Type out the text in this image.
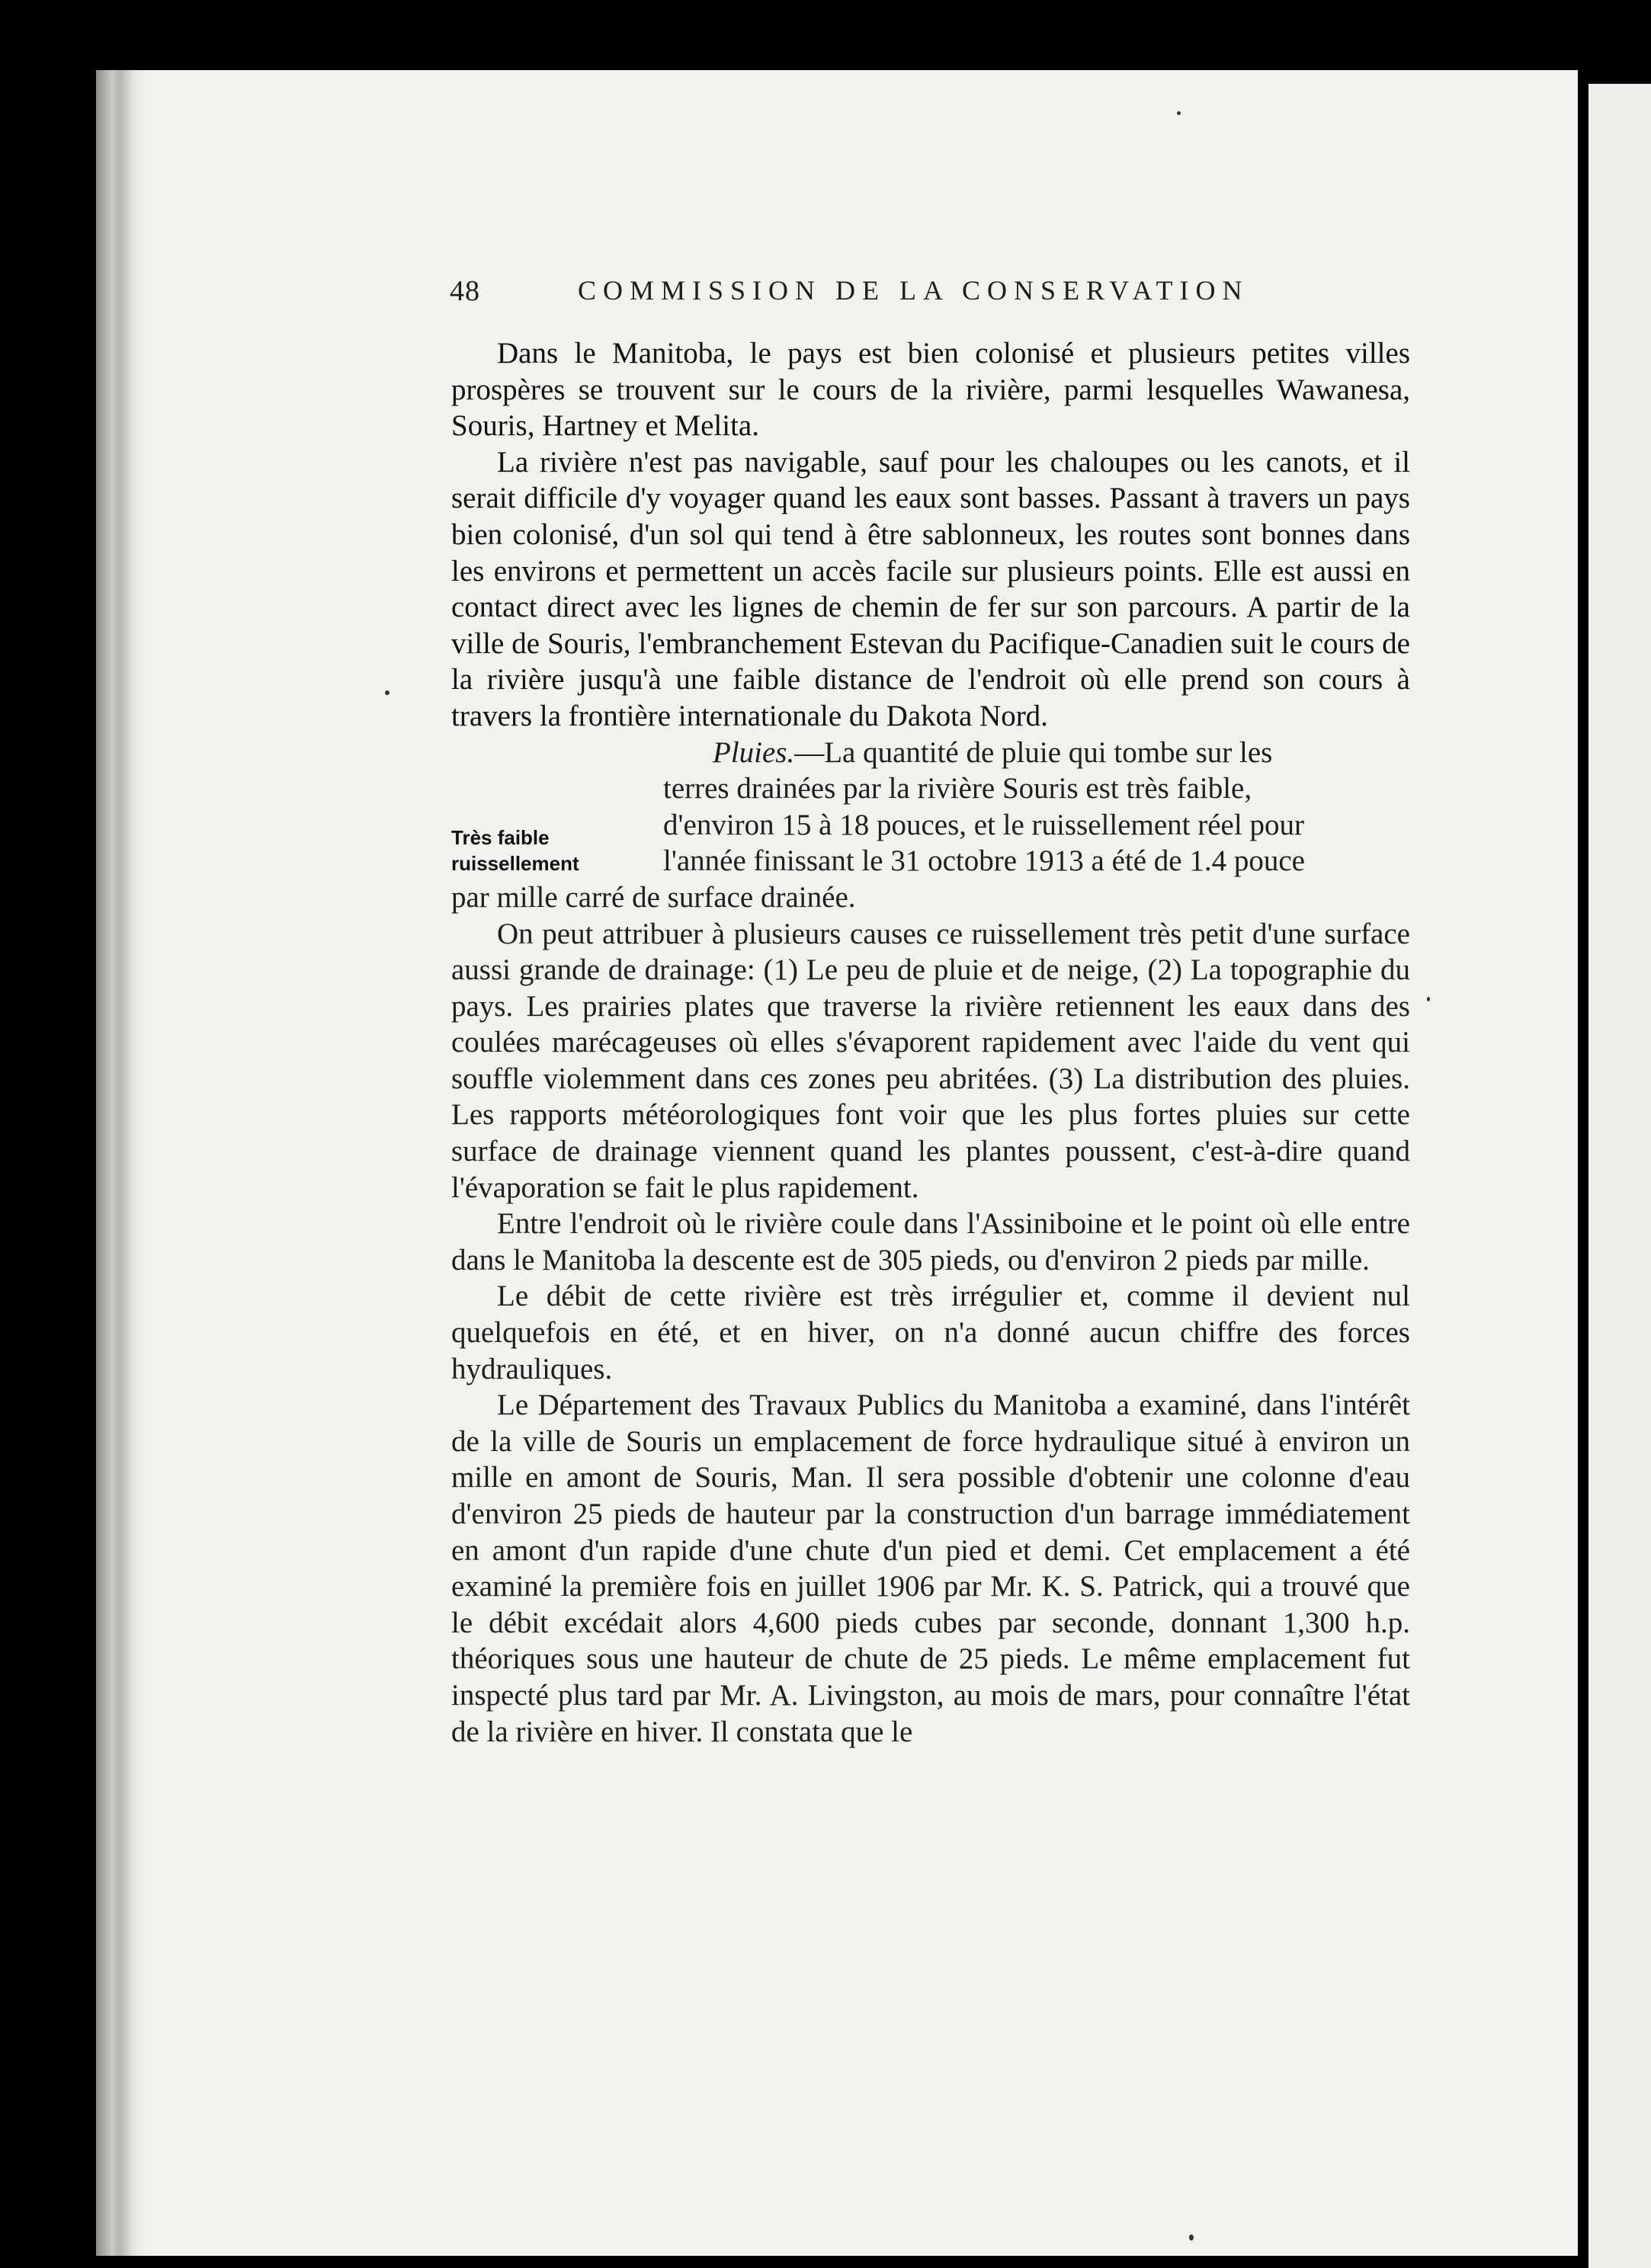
48	COMMISSION DE LA CONSERVATION
Très faible
ruissellement

Dans le Manitoba, le pays est bien colonisé et plusieurs petites villes prospères se trouvent sur le cours de la rivière, parmi lesquelles Wawanesa, Souris, Hartney et Melita.

La rivière n'est pas navigable, sauf pour les chaloupes ou les canots, et il serait difficile d'y voyager quand les eaux sont basses. Passant à travers un pays bien colonisé, d'un sol qui tend à être sablonneux, les routes sont bonnes dans les environs et permettent un accès facile sur plusieurs points. Elle est aussi en contact direct avec les lignes de chemin de fer sur son parcours. A partir de la ville de Souris, l'embranchement Estevan du Pacifique-Canadien suit le cours de la rivière jusqu'à une faible distance de l'endroit où elle prend son cours à travers la frontière internationale du Dakota Nord.

Pluies.—La quantité de pluie qui tombe sur les

terres drainées par la rivière Souris est très faible,

d'environ 15 à 18 pouces, et le ruissellement réel pour

l'année finissant le 31 octobre 1913 a été de 1.4 pouce

par mille carré de surface drainée.

On peut attribuer à plusieurs causes ce ruissellement très petit d'une surface aussi grande de drainage: (1) Le peu de pluie et de neige, (2) La topographie du pays. Les prairies plates que traverse la rivière retiennent les eaux dans des coulées marécageuses où elles s'évaporent rapidement avec l'aide du vent qui souffle violemment dans ces zones peu abritées. (3) La distribution des pluies. Les rapports météorologiques font voir que les plus fortes pluies sur cette surface de drainage viennent quand les plantes poussent, c'est-à-dire quand l'évaporation se fait le plus rapidement.

Entre l'endroit où le rivière coule dans l'Assiniboine et le point où elle entre dans le Manitoba la descente est de 305 pieds, ou d'environ 2 pieds par mille.

Le débit de cette rivière est très irrégulier et, comme il devient nul quelquefois en été, et en hiver, on n'a donné aucun chiffre des forces hydrauliques.

Le Département des Travaux Publics du Manitoba a examiné, dans l'intérêt de la ville de Souris un emplacement de force hydraulique situé à environ un mille en amont de Souris, Man. Il sera possible d'obtenir une colonne d'eau d'environ 25 pieds de hauteur par la construction d'un barrage immédiatement en amont d'un rapide d'une chute d'un pied et demi. Cet emplacement a été examiné la première fois en juillet 1906 par Mr. K. S. Patrick, qui a trouvé que le débit excédait alors 4,600 pieds cubes par seconde, donnant 1,300 h.p. théoriques sous une hauteur de chute de 25 pieds. Le même emplacement fut inspecté plus tard par Mr. A. Livingston, au mois de mars, pour connaître l'état de la rivière en hiver. Il constata que le
